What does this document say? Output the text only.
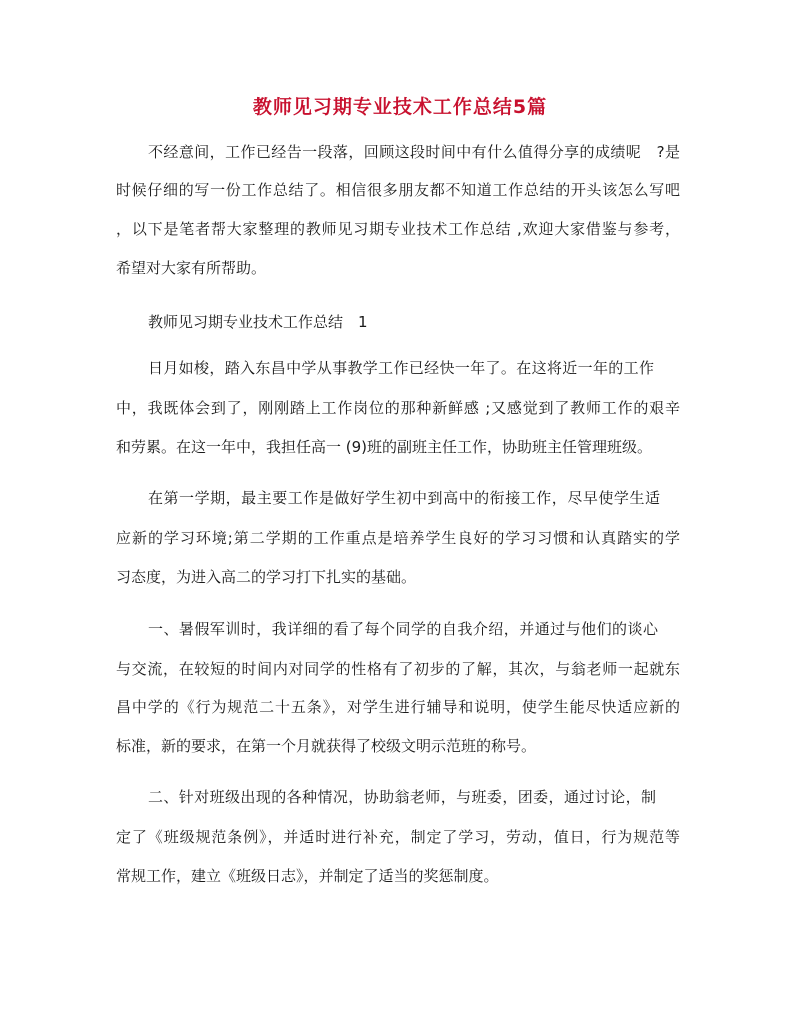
教师见习期专业技术工作总结5篇
不经意间，工作已经告一段落，回顾这段时间中有什么值得分享的成绩呢　?是
时候仔细的写一份工作总结了。相信很多朋友都不知道工作总结的开头该怎么写吧
，以下是笔者帮大家整理的教师见习期专业技术工作总结 ,欢迎大家借鉴与参考，
希望对大家有所帮助。
教师见习期专业技术工作总结　1
日月如梭，踏入东昌中学从事教学工作已经快一年了。在这将近一年的工作
中，我既体会到了，刚刚踏上工作岗位的那种新鲜感 ;又感觉到了教师工作的艰辛
和劳累。在这一年中，我担任高一 (9)班的副班主任工作，协助班主任管理班级。
在第一学期，最主要工作是做好学生初中到高中的衔接工作，尽早使学生适
应新的学习环境;第二学期的工作重点是培养学生良好的学习习惯和认真踏实的学
习态度，为进入高二的学习打下扎实的基础。
一、暑假军训时，我详细的看了每个同学的自我介绍，并通过与他们的谈心
与交流，在较短的时间内对同学的性格有了初步的了解，其次，与翁老师一起就东
昌中学的《行为规范二十五条》，对学生进行辅导和说明，使学生能尽快适应新的
标准，新的要求，在第一个月就获得了校级文明示范班的称号。
二、针对班级出现的各种情况，协助翁老师，与班委，团委，通过讨论，制
定了《班级规范条例》，并适时进行补充，制定了学习，劳动，值日，行为规范等
常规工作，建立《班级日志》，并制定了适当的奖惩制度。
